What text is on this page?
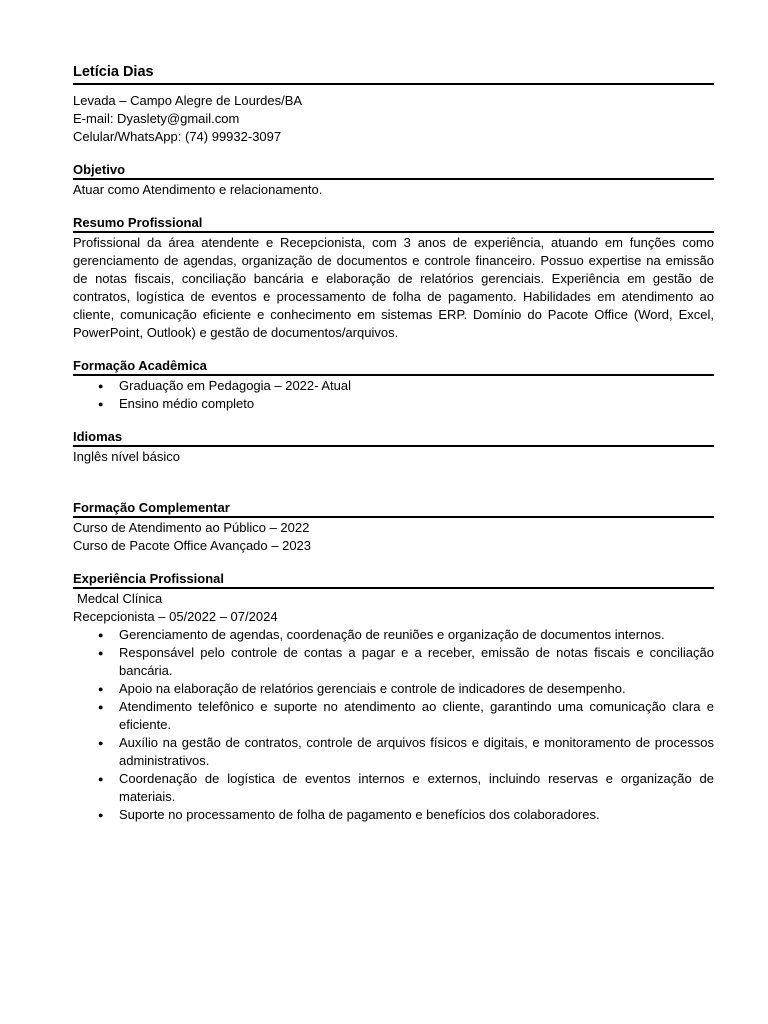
Letícia Dias

Levada – Campo Alegre de Lourdes/BA

E-mail: Dyaslety@gmail.com

Celular/WhatsApp: (74) 99932-3097

Objetivo

Atuar como Atendimento e relacionamento.

Resumo Profissional

Profissional da área atendente e Recepcionista, com 3 anos de experiência, atuando em funções como gerenciamento de agendas, organização de documentos e controle financeiro. Possuo expertise na emissão de notas fiscais, conciliação bancária e elaboração de relatórios gerenciais. Experiência em gestão de contratos, logística de eventos e processamento de folha de pagamento. Habilidades em atendimento ao cliente, comunicação eficiente e conhecimento em sistemas ERP. Domínio do Pacote Office (Word, Excel, PowerPoint, Outlook) e gestão de documentos/arquivos.

Formação Acadêmica
● Graduação em Pedagogia – 2022- Atual
● Ensino médio completo
Idiomas

Inglês nível básico

Formação Complementar

Curso de Atendimento ao Público – 2022

Curso de Pacote Office Avançado – 2023

Experiência Profissional

Medcal Clínica

Recepcionista – 05/2022 – 07/2024

● Gerenciamento de agendas, coordenação de reuniões e organização de documentos internos.
● Responsável pelo controle de contas a pagar e a receber, emissão de notas fiscais e conciliação bancária.
● Apoio na elaboração de relatórios gerenciais e controle de indicadores de desempenho.
● Atendimento telefônico e suporte no atendimento ao cliente, garantindo uma comunicação clara e eficiente.
● Auxílio na gestão de contratos, controle de arquivos físicos e digitais, e monitoramento de processos administrativos.
● Coordenação de logística de eventos internos e externos, incluindo reservas e organização de materiais.
● Suporte no processamento de folha de pagamento e benefícios dos colaboradores.
